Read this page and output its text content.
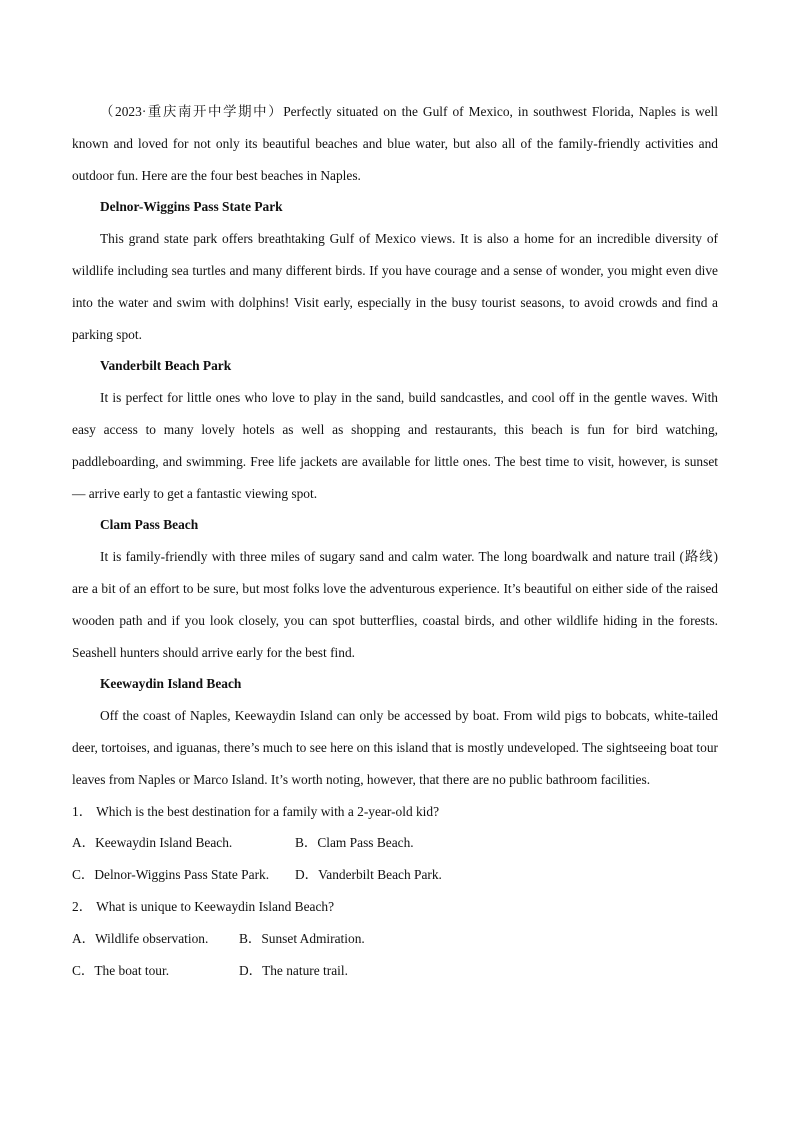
（2023·重庆南开中学期中）Perfectly situated on the Gulf of Mexico, in southwest Florida, Naples is well known and loved for not only its beautiful beaches and blue water, but also all of the family-friendly activities and outdoor fun. Here are the four best beaches in Naples.

Delnor-Wiggins Pass State Park

This grand state park offers breathtaking Gulf of Mexico views. It is also a home for an incredible diversity of wildlife including sea turtles and many different birds. If you have courage and a sense of wonder, you might even dive into the water and swim with dolphins! Visit early, especially in the busy tourist seasons, to avoid crowds and find a parking spot.

Vanderbilt Beach Park

It is perfect for little ones who love to play in the sand, build sandcastles, and cool off in the gentle waves. With easy access to many lovely hotels as well as shopping and restaurants, this beach is fun for bird watching, paddleboarding, and swimming. Free life jackets are available for little ones. The best time to visit, however, is sunset — arrive early to get a fantastic viewing spot.

Clam Pass Beach

It is family-friendly with three miles of sugary sand and calm water. The long boardwalk and nature trail (路线) are a bit of an effort to be sure, but most folks love the adventurous experience. It’s beautiful on either side of the raised wooden path and if you look closely, you can spot butterflies, coastal birds, and other wildlife hiding in the forests. Seashell hunters should arrive early for the best find.

Keewaydin Island Beach

Off the coast of Naples, Keewaydin Island can only be accessed by boat. From wild pigs to bobcats, white-tailed deer, tortoises, and iguanas, there’s much to see here on this island that is mostly undeveloped. The sightseeing boat tour leaves from Naples or Marco Island. It’s worth noting, however, that there are no public bathroom facilities.

1． Which is the best destination for a family with a 2-year-old kid?

A．Keewaydin Island Beach.	B．Clam Pass Beach.

C．Delnor-Wiggins Pass State Park. D．Vanderbilt Beach Park.

2． What is unique to Keewaydin Island Beach?

A．Wildlife observation. B．Sunset Admiration.

C．The boat tour.	D．The nature trail.
